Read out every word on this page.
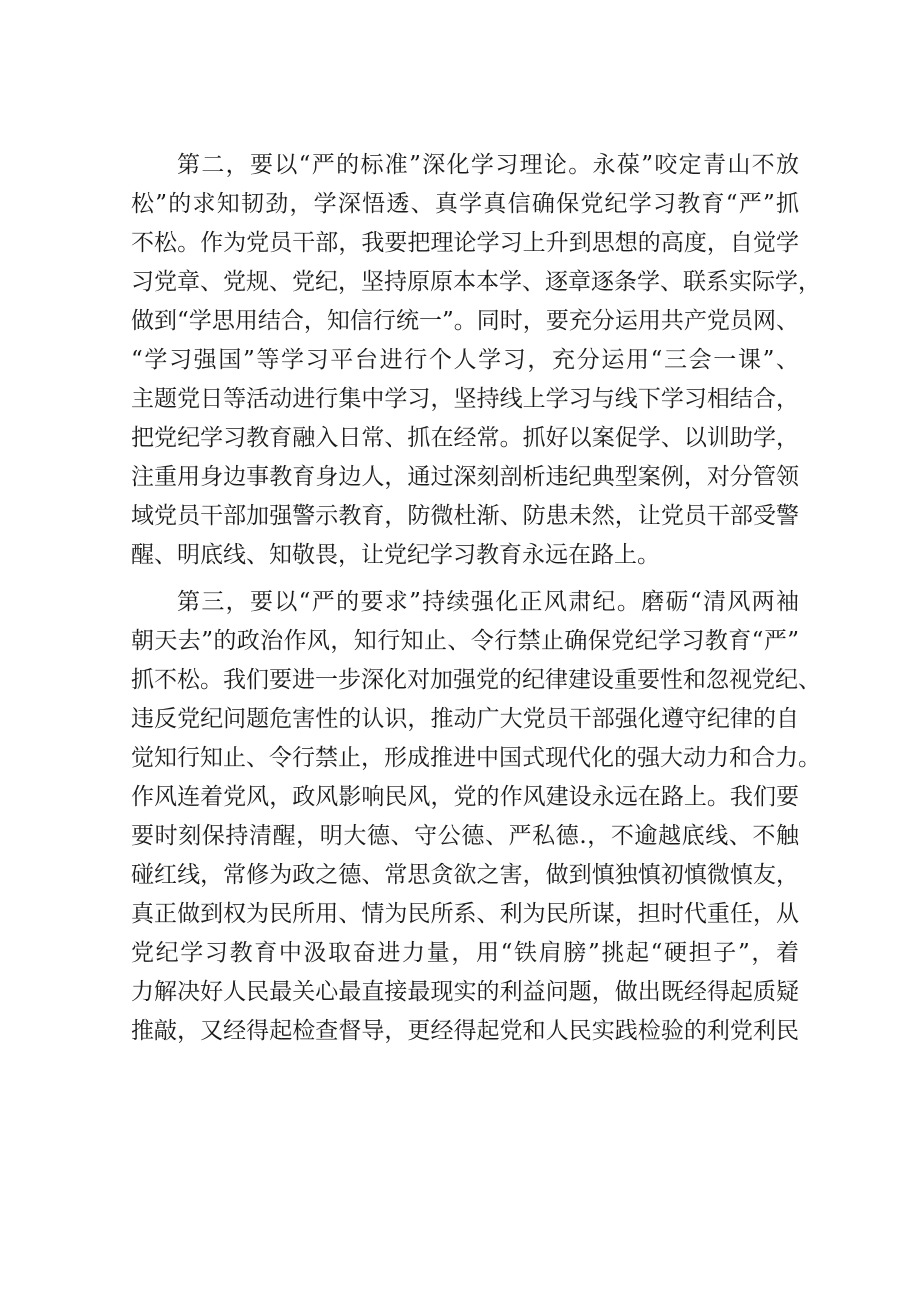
第二，要以“严的标准”深化学习理论。永葆”咬定青山不放
松”的求知韧劲，学深悟透、真学真信确保党纪学习教育“严”抓
不松。作为党员干部，我要把理论学习上升到思想的高度，自觉学
习党章、党规、党纪，坚持原原本本学、逐章逐条学、联系实际学，
做到“学思用结合，知信行统一”。同时，要充分运用共产党员网、
“学习强国”等学习平台进行个人学习，充分运用“三会一课”、
主题党日等活动进行集中学习，坚持线上学习与线下学习相结合，
把党纪学习教育融入日常、抓在经常。抓好以案促学、以训助学，
注重用身边事教育身边人，通过深刻剖析违纪典型案例，对分管领
域党员干部加强警示教育，防微杜渐、防患未然，让党员干部受警
醒、明底线、知敬畏，让党纪学习教育永远在路上。
第三，要以“严的要求”持续强化正风肃纪。磨砺“清风两袖
朝天去”的政治作风，知行知止、令行禁止确保党纪学习教育“严”
抓不松。我们要进一步深化对加强党的纪律建设重要性和忽视党纪、
违反党纪问题危害性的认识，推动广大党员干部强化遵守纪律的自
觉知行知止、令行禁止，形成推进中国式现代化的强大动力和合力。
作风连着党风，政风影响民风，党的作风建设永远在路上。我们要
要时刻保持清醒，明大德、守公德、严私德.，不逾越底线、不触
碰红线，常修为政之德、常思贪欲之害，做到慎独慎初慎微慎友，
真正做到权为民所用、情为民所系、利为民所谋，担时代重任，从
党纪学习教育中汲取奋进力量，用“铁肩膀”挑起“硬担子”，着
力解决好人民最关心最直接最现实的利益问题，做出既经得起质疑
推敲，又经得起检查督导，更经得起党和人民实践检验的利党利民
